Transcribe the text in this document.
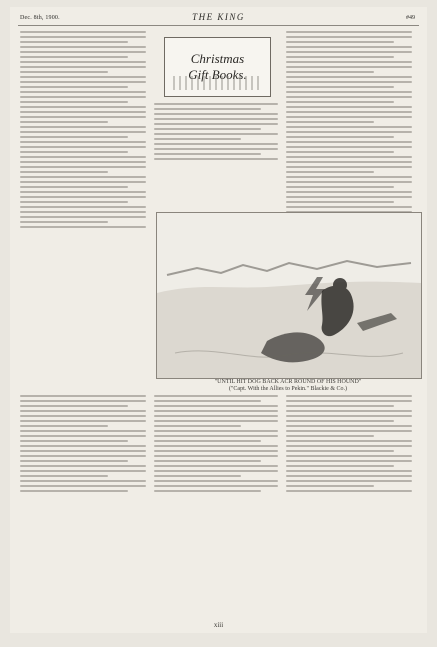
Dec. 8th, 1900.	THE KING	#49
Christmas
Gift Books.
"UNTIL HIT DOG BACK ACR ROUND OF HIS HOUND"
("Capt. With the Allies to Pekin." Blackie & Co.)
xiii
